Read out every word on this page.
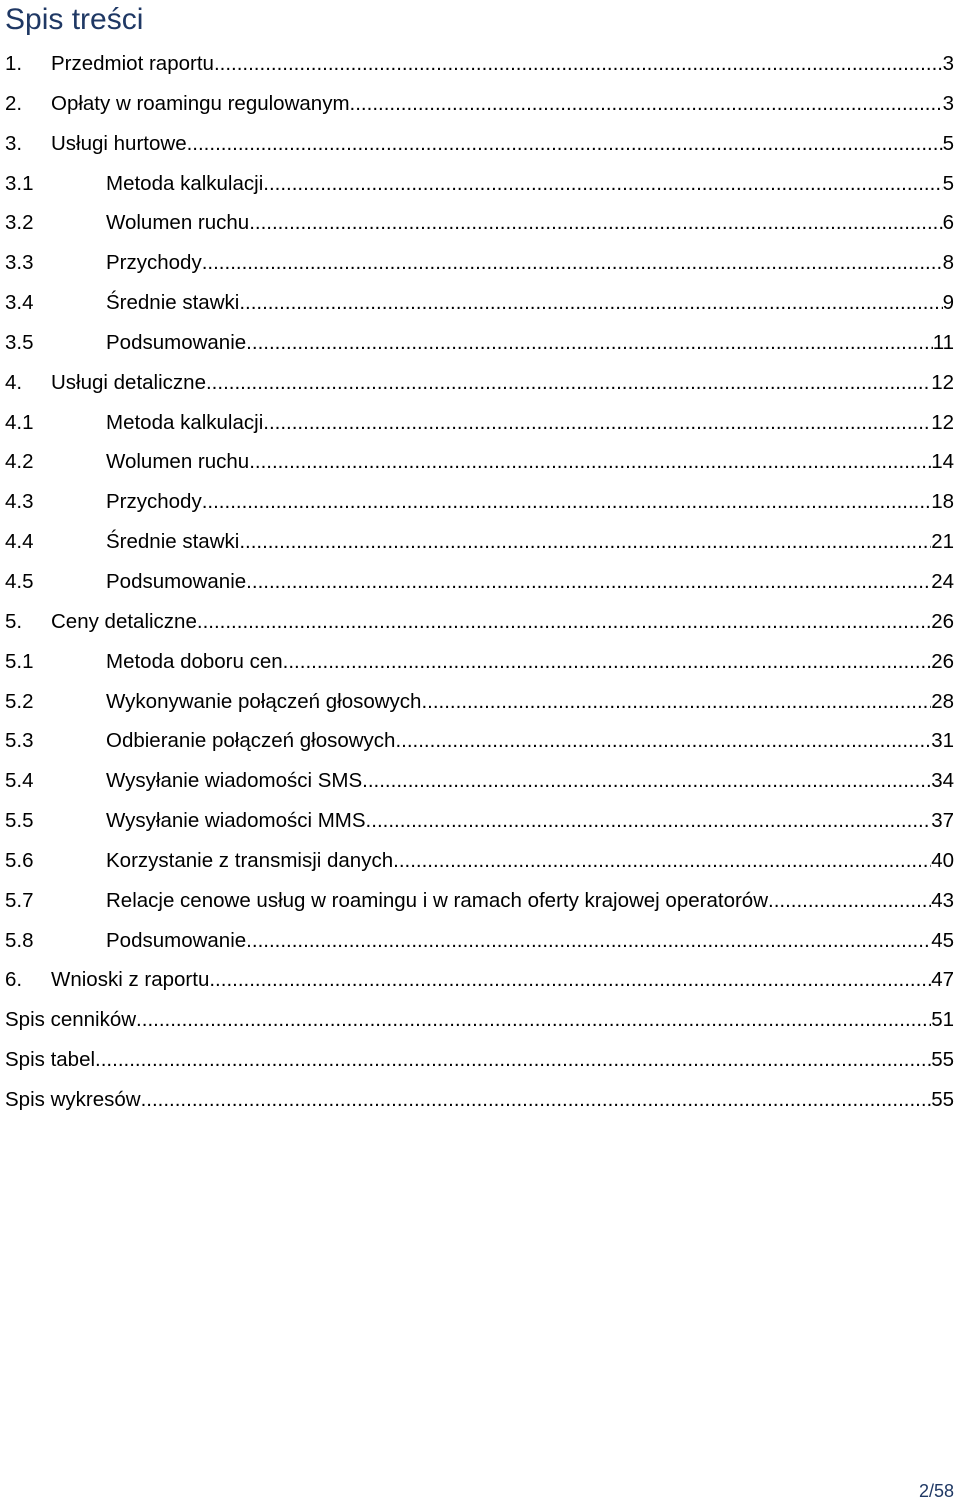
Spis treści
1.	Przedmiot raportu .....	3
2.	Opłaty w roamingu regulowanym .....	3
3.	Usługi hurtowe .....	5
3.1	Metoda kalkulacji .....	5
3.2	Wolumen ruchu .....	6
3.3	Przychody .....	8
3.4	Średnie stawki .....	9
3.5	Podsumowanie .....	11
4.	Usługi detaliczne .....	12
4.1	Metoda kalkulacji .....	12
4.2	Wolumen ruchu .....	14
4.3	Przychody .....	18
4.4	Średnie stawki .....	21
4.5	Podsumowanie .....	24
5.	Ceny detaliczne .....	26
5.1	Metoda doboru cen .....	26
5.2	Wykonywanie połączeń głosowych .....	28
5.3	Odbieranie połączeń głosowych .....	31
5.4	Wysyłanie wiadomości SMS .....	34
5.5	Wysyłanie wiadomości MMS .....	37
5.6	Korzystanie z transmisji danych .....	40
5.7	Relacje cenowe usług w roamingu i w ramach oferty krajowej operatorów .....	43
5.8	Podsumowanie .....	45
6.	Wnioski z raportu .....	47
Spis cenników .....	51
Spis tabel .....	55
Spis wykresów .....	55
2/58
